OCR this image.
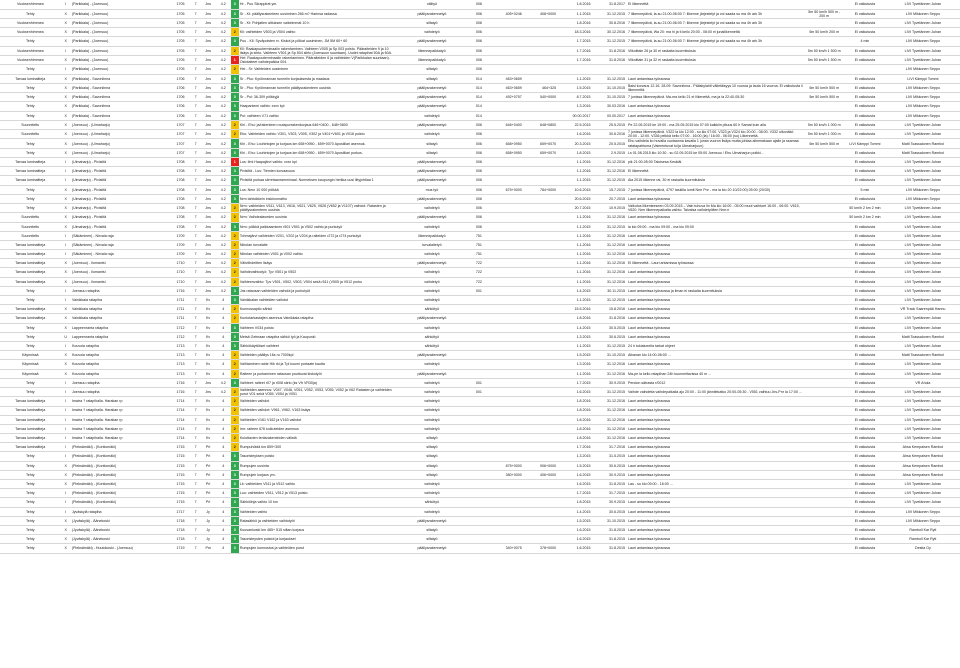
Vuoksenhimmea	I	(Parikkala) - (Joensuu)	1705	7	Jns	4.2	3	Hr - Puu Siirappirat ym.	välityö	006			1.8.2016	31.8.2017	Ei liikennettä		Ei vaikutusta	LIVI Tyvelännen Juhan
Tehty	X	(Parikkala) - (Joensuu)	1705	7	Jns	4.2	3	Sr - Kt: päällysrakenteen uusiminen 266 m? Harinsa radassa	päällysrakennetyö	006	405+0246	408+0000	1.1.2015	31.12.2015	7 liikennepäivä, la-su 21:00-06:00 7: liikenne järjestelyt ja voi saada su ma 4h ark 3h	5m 50 km/h 500 m - 200 m	Ei vaikutusta	LIVI Mikkonen Seppo
Vuoksenhimmea	X	(Parikkala) - (Joensuu)	1705	7	Jns	4.2	3	Sr - Kt: Pohjatien alituksen vaikeimmat 10 h	siltatyö	006			1.8.2016	30.8.2016	7 liikennepäivä, la-su 21:00-06:00 7: liikenne järjestelyt ja voi saada su ma 4h ark 3h		Ei vaikutusta	LIVI Tyvelännen Juhan
Vuoksenhimmea	X	(Parikkala) - (Joensuu)	1705	7	Jns	4.2	2	Kli: vaihteiden V503 ja V504 vaihto	vaihdetyö	006			18.3.2016	30.12.2016	7 liikennepäivä, Wa 20: ma hi ja ti kello 20:00 - 08:00 ei junaliikennettä	5m 50 km/h 200 m	Ei vaikutusta	LIVI Tyvelännen Juhan
Tehty	X	(Parikkala) - (Joensuu)	1705	7	Jns	4.2	3	Puu - Kli: Syväpoisten rv. Kiskot ja pölkat uusiminen, JM 5M 60+ 60	päällysrakennetyö	006			1.7.2015	31.12.2015	7 liikennepäivä, la-su 21:00-06:00 7: liikenne järjestelyt ja voi saada su ma 4h ark 3h		4 min	LIVI Mikkonen Seppo
Vuoksenhimmea	I	(Parikkala) - (Joensuu)	1705	7	Jns	4.2	2	Kli: Raakapuuterminaalin rakentaminen. Vaihteen V005 ja Sp 003 poisto. Pääraiteiden 9 ja 10 lisäys ja siirto. Vaihteen V501 ja Sp 504 siirto (Joensuun suuntaan). Uudet ratapihat 50A ja 60A.	liikennepaikkatyö	006			1.7.2016	31.8.2016	Viikoittain 26 ja 30 ei raskaita kuormituksia	5m 50 km/h 1 500 m	Ei vaikutusta	LIVI Tyvelännen Juhan
Vuoksenhimmea	X	(Parikkala) - (Joensuu)	1705	7	Jns	4.2	1	Hei: Raakapuuterminaalin rakentaminen. Pääraiteiden 6 ja vaihteiden V(Parikkalan suuntaan). Ostotaiteet vaihdepaikka 004.	liikennepaikkatyö	006			1.7.2016	31.8.2016	Viikoittain 31 ja 32 ei raskaita kuormituksia	5m 50 km/h 1 500 m	Ei vaikutusta	LIVI Tyvelännen Juhan
Tehty	I	(Parikkala) - (Joensuu)	1705	7	Jns	4.2	2	Hei - Sr: Vaihteiden uusiminen	siltatyö	006								LIVI Mikkonen Seppo
Tarvaa luminaitteja	X	(Parikkala) - Savonlinna	1706	7	Jns	4.2	3	Sr - Pku: Kyröinrannan tunnelin korjauksesta ja maalaus	siltatyö	014	463+0659		1.1.2015	31.12.2015	Lauri antamissa työraossa		Ei vaikutusta	LIVI Kämppi Tommi
Tehty	X	(Parikkala) - Savonlinna	1706	7	Jns	4.2	3	Sr - Pku: Kyröinrannan tunnelin päällysrakenteen uusinta	päällysrakennetyö	014	463+0659	464+325	1.5.2015	31.10.2015	Baisi korvaus 12.16. 28.09: Savonlinna - Pääskylahti välietäisyys 10 vuoroa ja lauta 16 vuoroa. Ei vaikutusta ii liikennettä.	5m 50 km/h 500 m	Ei vaikutusta	LIVI Mikkonen Seppo
Tehty	X	(Parikkala) - Savonlinna	1706	7	Jns	4.2	3	Sr - Pul: 36-309 pölkkyjä	päällysrakennetyö	014	492+0757	540+0000	8.7.2015	31.10.2015	7 junissa liikennepäivä. Ma-ma kello 21 ei liikenettä, ma ja la 22:40-05:30	5m 50 km/h 500 m	Ei vaikutusta	LIVI Mikkonen Seppo
Tehty	X	(Parikkala) - Savonlinna	1706	7	Jns	4.2	3	Haapaniemi vaihto: xxxx kpl	päällysrakennetyö	014			1.3.2016	30.03.2016	Lauri antamissa työraossa		Ei vaikutusta	LIVI Mikkonen Seppo
Tehty	X	(Parikkala) - Savonlinna	1706	7	Jns	4.2	3	Pul: vaihteen V71 vaihto	vaihdetyö	014			00.00.2017	00.00.2017	Lauri antamissa työraossa		Ei vaikutusta	LIVI Mikkonen Seppo
Suunniteltu	X	(Joensuu) - (Uimaharju)	1707	7	Jns	4.2	2	Khi - Ehu: ja/rakenteen routaporrakenkorjaus 646+0400 - 648+0800	päällysrakennetyö	006	646+0400	648+0800	22.5.2015	25.5.2015	Pe 22.05.2015 ke 19:00 - ma 25.05.2015 klo 07:00 kaikkiin pituus 60 h Samat kuin alla	5m 50 km/h 1 000 m	Ei vaikutusta	LIVI Tyvelännen Juhan
Suunniteltu	X	(Joensuu) - (Uimaharju)	1707	7	Jns	4.2	2	Ehu: Vaihteiden vaihto: V301, V303, V305, V302 ja V401+V601 ja V016 poisto	vaihdetyö	006			1.6.2016	30.6.2016	7 junissa liikennepäivä. V322 la klo 12:00 - su klo 07:00. V323 ja V324 klo 20:00 - 08:00. V332 ulkonäkö 20:00 - 12:00. V336 pelkkä kello 07:00 - 16:00 (la) / 16:00 - 06:00 (su) Liikennettä.	5m 50 km/h 1 000 m	Ei vaikutusta	LIVI Tyvelännen Juhan
Tehty	X	(Joensuu) - (Uimaharju)	1707	7	Jns	4.2	3	Khi - Ehu: Louhintojen ja korjaus km 658+0950 - 659+0070 Aposiiliari asennuk.	siltatyö	006	658+0950	659+0070	20.3.2015	20.5.2015	Ehu vaihdeia ko huvalla vuotaanna kavalla 1 junan vuoron lisäys mutta johtaa alimmakaan ajalle ja ssamaa ratatapahtuma (Vaimentuvat to/ja Uimaharjuun)	5m 50 km/h 500 m	LIVI Kämppi Tommi	Matti Toassalonen Rambol
Tehty	X	(Joensuu) - (Uimaharju)	1707	7	Jns	4.2	3	Khi - Ehu: Louhintojen ja korjaus km 658+0950 - 659+0070 Aposiiliari purkus.	siltatyö	006	658+0950	659+0070	1.8.2015	2.9.2015	Ls 01.08.2015 klo 10:30 - su 02.09.2015 ke 05:00 Joensuu / Ehu Uimaharjun poikki...		Ei vaikutusta	Matti Toassalonen Rambol
Tarvaa luminaitteja	I	(Uimaharju) - Pivisiitä	1708	7	Jns	4.2	1	Lus: Ilmi Haapajärvi vaihto: xxxx kpl	päällysrakennetyö	006			1.1.2016	31.12.2016	pik 21:00-05:00 Taloisesa Keskiäl		Ei vaikutusta	LIVI Tyvelännen Juhan
Tarvaa luminaitteja	I	(Uimaharju) - Pivisiitä	1708	7	Jns	4.2	3	Pivisiltä - Lus: Tiemien luovaavuus	päällysrakennetyö	006			1.1.2016	31.12.2016	Ei liikennettä		Ei vaikutusta	LIVI Tyvelännen Juhan
Tarvaa luminaitteja	I	(Uimaharju) - Pivisiitä	1708	7	Jns	4.2	3	Pivisiitä purkaa siirretaanramminaal. Nurmeksen kaupungin herkka uusi liityjohtiaa 1	päällysrakennetyö	006			1.1.2015	31.12.2015	Ala 2015 liikenne rai, 30 ei raskaita kuormituksia		Ei vaikutusta	LIVI Tyvelännen Juhan
Tehty	X	(Uimaharju) - Pivisiitä	1708	7	Jns	4.2	3	Lus: Nmn 10 000 pölkkä	mus työ	006	675+0000	784+0000	10.6.2015	15.7.2015	7 junissa liikennepäivä, 4797 taskilla lomit Nrm Pnr - ma la klo 20 10/22:00) 05:00 (20/30)		5 min	LIVI Mikkonen Seppo
Tehty	X	(Uimaharju) - Pivisiitä	1708	7	Jns	4.2	3	Nrm tahtoikkein inskinomatho	päällysrakennetyö	006			20.6.2015	20.7.2015	Lauri antamissa työraossa		Ei vaikutusta	LIVI Mikkonen Seppo
Tehty	X	(Uimaharju) - Pivisiitä	1708	7	Jns	4.2	2	Nrm: vaihteiden V611, V613, V616, V621, V625, V626 (V652 ja V1107) vaihdot. Ratasten ja päällysrakenteen uusinta	vaihdetyö	006			20.7.2015	10.9.2015	Vaikutus liikenteeseen 03.09.2015 – Vain tuhuva lin Ma klo 16:00 - 05:00 muut vaihtoet 16:00 - 06:00. V615, V620. Nrm liikennepaikalta vaihto: Taivalsa vaihdetyöiten Nrm:n		50 km/h 2 km 2 min	LIVI Tyvelännen Juhan
Suunniteltu	X	(Uimaharju) - Pivisiitä	1708	7	Jns	4.2	2	Nrm: Vaihdealaveden uusinta	päällysrakennetyö	006			1.1.2016	31.12.2016	Lauri antamissa työraossa		50 km/h 2 km 2 min	LIVI Tyvelännen Juhan
Suunniteltu	X	(Uimaharju) - Pivisiitä	1708	7	Jns	4.2	3	Nrm: pölkkä paikkaaminen r501 V501 ja V502 vaihto ja purkutyö	vaihdetyö	006			1.1.2015	31.12.2015	la klo 09:00 - ma klo 09:00 - ma klo 09:00		Ei vaikutusta	LIVI Tyvelännen Juhan
Suunniteltu	I	(Säkäminen) - Nirvala raja	1709	7	Jns	4.2	2	Tohmajärvi vaihteiden V201, V202 ja V204 ja raiteiden r272 ja r274 purkutyö	liikennepaikkatyö	751			1.1.2016	31.12.2016	Lauri antamissa työraossa		Ei vaikutusta	LIVI Tyvelännen Juhan
Tarvaa luminaitteja	I	(Säkäminen) - Nirvala raja	1709	7	Jns	4.2	2	Niirolan turvalaite	turvalaitetyö	751			1.1.2016	31.12.2016	Lauri antamissa työraossa		Ei vaikutusta	LIVI Tyvelännen Juhan
Tarvaa luminaitteja	I	(Säkäminen) - Nirvala raja	1709	7	Jns	4.2	2	Niirolan vaihteiden V001 ja V002 vaihto	vaihdetyö	751			1.1.2016	31.12.2016	Lauri antamissa työraossa		Ei vaikutusta	LIVI Tyvelännen Juhan
Tarvaa luminaitteja	X	(Joensuu) - Ilomantsi	1710	7	Jns	4.2	2	Väliviihdeitten lisäys	päällysrakennetyö	722			1.1.2016	31.12.2016	Ei liikennettä - Lauri antamissa työraossa		Ei vaikutusta	LIVI Tyvelännen Juhan
Tarvaa luminaitteja	X	(Joensuu) - Ilomantsi	1710	7	Jns	4.2	2	Vaihdevaihtodyö: Tyv V501 ja V502	vaihdetyö	722			1.1.2016	31.12.2016	Lauri antamissa työraossa		Ei vaikutusta	LIVI Tyvelännen Juhan
Tarvaa luminaitteja	X	(Joensuu) - Ilomantsi	1710	7	Jns	4.2	2	Vaihteenvaihto: Tpv V501, V502, V503, V504 sekä r511 (V505 ja V512 purku	vaihdetyö	722			1.1.2016	31.12.2016	Lauri antamissa työraossa		Ei vaikutusta	LIVI Tyvelännen Juhan
Tehty	I	Joensuu ratapiha	1716	7	Jns	4.2	3	Jns rataosan vaihteiden vaihdot ja purkutyöt	vaihdetyö	001			1.4.2015	30.11.2015	Lauri antamissa työraossa ja ilman ei raskaita kuormituksia		Ei vaikutusta	LIVI Tyvelännen Juhan
Tehty	I	Vainikkala ratapiha	1711	7	Kv	4	3	Vainikkalan vaihteiden vaihdot	vaihdetyö				1.1.2015	31.12.2015	Lauri antamissa työraossa		Ei vaikutusta	LIVI Tyvelännen Juhan
Tarvaa luminaitteja	X	Vainikkala ratapiha	1711	7	Kv	4	2	Kunnossapito sähkö	sähkötyö				15.5.2016	15.8.2016	Lauri antamissa työraossa		Ei vaikutusta	VR Track Saarenpää Hannu
Tarvaa luminaitteja	X	Vainikkala ratapiha	1711	7	Kv	4	2	Kuntotarkastajien asennus Vainikkala ratapiha	päällysrakennetyö				1.8.2016	31.8.2016	Lauri antamissa työraossa		Ei vaikutusta	LIVI Tyvelännen Juhan
Tehty	X	Lappeenranta ratapiha	1712	7	Kv	4	3	Vaihteen V034 poisto	vaihdetyö				1.4.2015	30.5.2015	Lauri antamissa työraossa		Ei vaikutusta	LIVI Tyvelännen Juhan
Tehty	U	Lappeenranta ratapiha	1712	7	Kv	4	3	Metsä Geimaan ratapiha sähkö työ ja Kaupunki	sähkötyö				1.3.2015	30.6.2015	Lauri antamissa työraossa		Ei vaikutusta	Matti Toassalonen Rambol
Tehty	I	Kouvola ratapiha	1713	7	Kv	4	3	Sähkökäyttöiset vaihteet	sähkötyö				1.1.2015	31.12.2015	24 h tukialueella tarkat ohjeet		Ei vaikutusta	LIVI Tyvelännen Juhan
Käynnissä	X	Kouvola ratapiha	1713	7	Kv	4	2	Vaihteiden päällys 16s ru 7000kpl	päällysrakennetyö				1.5.2015	31.10.2015	Aikanan klo 14:00-06:00 ...		Ei vaikutusta	Matti Toassalonen Rambol
Käynnissä	X	Kouvola ratapiha	1713	7	Kv	4	2	Vaihtaminen raide Hik rki ja Tpl koumi portaate kautta	vaihdetyö				1.3.2016	31.12.2016	Lauri antamissa työraossa		Ei vaikutusta	LIVI Tyvelännen Juhan
Käynnissä	X	Kouvola ratapiha	1713	7	Kv	4	2	Raiteen ja purkaminen rataosan puuttuvat kiskotyöt	päällysrakennetyö				1.1.2016	31.12.2016	Ma-pe la kello ratapihan 24h kuunneltavissa 40 m ...		Ei vaikutusta	LIVI Tyvelännen Juhan
Tehty	I	Joensuu ratapiha	1716	7	Jns	4.2	3	Vaihteet: raiteet r07 ja r008 siirto (ks Vfr VR30ja)	vaihdetyö	001			1.7.2015	30.9.2015	Pendon sätrasta r/0012		Ei vaikutusta	VR Ahola
Tehty	I	Joensuu ratapiha	1716	7	Jns	4.2	2	Vaihteiden asennus: V047, V046, V051, V052, V053, V055, V052 ja V62 Ratasten ja vaihteiden purut V01 sekä V055, V054 ja V051	vaihdetyö	001			1.6.2015	31.12.2015	Vaihde vaihdetta vaihdepaikalla ajo 20:00 - 11:00 jännitekatko 20:00-05:30 - V551 vaihtuu Jns-Pnr Ia 17:00 ...		Ei vaikutusta	LIVI Tyvelännen Juhan
Tarvaa luminaitteja	I	Imatra ? ratapihalla. Harakan rp	1714	7	Kv	4	2	Vaihteiden vaihdot	vaihdetyö				1.8.2016	31.12.2016	Lauri antamissa työraossa		Ei vaikutusta	LIVI Tyvelännen Juhan
Tarvaa luminaitteja	I	Imatra ? ratapihalla. Harakan rp	1714	7	Kv	4	2	Vaihteiden vaihdot: V961, V962, V163 lisäys	vaihdetyö				1.8.2016	31.12.2016	Lauri antamissa työraossa		Ei vaikutusta	LIVI Tyvelännen Juhan
Tarvaa luminaitteja	I	Imatra ? ratapihalla. Harakan rp	1714	7	Kv	4	2	Vaihteiden V161 V162 ja V163 vaihdot	vaihdetyö				1.8.2016	31.12.2016	Lauri antamissa työraossa		Ei vaikutusta	LIVI Tyvelännen Juhan
Tarvaa luminaitteja	I	Imatra ? ratapihalla. Harakan rp	1714	7	Kv	4	2	Imr: raiteen 676 kulkuteiden asennus	vaihdetyö				1.8.2016	31.12.2016	Lauri antamissa työraossa		Ei vaikutusta	LIVI Tyvelännen Juhan
Tarvaa luminaitteja	I	Imatra ? ratapihalla. Harakan rp	1714	7	Kv	4	2	Kuluttavien teräsrakenteiden välistä	siltatyö				1.8.2016	31.12.2016	Lauri antamissa työraossa		Ei vaikutusta	LIVI Tyvelännen Juhan
Tarvaa luminaitteja	I	(Pieksämäki) - (Kontiomäki)	1715	7	Prl	4	2	Rumpuhöidä km 859+300	siltatyö				1.7.2016	31.7.2016	Lauri antamissa työraossa		Ei vaikutusta	Ahsa Kempaisen Rambol
Tehty	I	(Pieksämäki) - (Kontiomäki)	1715	7	Prl	4	3	Tasoristeyksen poisto	siltatyö				1.3.2015	31.5.2015	Lauri antamissa työraossa		Ei vaikutusta	Ahsa Kempaisen Rambol
Tehty	X	(Pieksämäki) - (Kontiomäki)	1715	7	Prl	4	3	Rumpujen uusinta	siltatyö		875+0000	906+0000	1.5.2015	30.6.2015	Lauri antamissa työraossa		Ei vaikutusta	Ahsa Kempaisen Rambol
Tehty	X	(Pieksämäki) - (Kontiomäki)	1715	7	Prl	4	3	Rumpujen korjaus ym.	siltatyö		380+0000	406+0000	1.6.2015	30.9.2015	Lauri antamissa työraossa		Ei vaikutusta	Ahsa Kempaisen Rambol
Tehty	X	(Pieksämäki) - (Kontiomäki)	1715	7	Prl	4	3	Lk: vaihteiden V511 ja V512 vaihto	vaihdetyö				1.6.2015	31.8.2015	Lau - su klo 09:00 - 16:00 ...		Ei vaikutusta	LIVI Tyvelännen Juhan
Tehty	I	(Pieksämäki) - (Kontiomäki)	1715	7	Prl	4	3	Luu: vaihteiden V511, V512 ja V513 poisto	vaihdetyö				1.7.2015	31.7.2015	Lauri antamissa työraossa		Ei vaikutusta	LIVI Tyvelännen Juhan
Tehty	I	(Pieksämäki) - (Kontiomäki)	1715	7	Prl	4	3	Sähkölinja vaihto 10 km	sähkötyö				1.8.2015	30.9.2015	Lauri antamissa työraossa		Ei vaikutusta	LIVI Tyvelännen Juhan
Tehty	I	Jyväskylä ratapiha	1717	7	Jy	4	3	Vaihteiden vaihto	vaihdetyö				1.4.2015	30.6.2015	Lauri antamissa työraossa		Ei vaikutusta	LIVI Mikkonen Seppo
Tehty	X	(Jyväskylä) - Äänekoski	1718	7	Jy	4	3	Ratasähkö ja vaihteiden vaihtotyöt	päällysrakennetyö				1.5.2015	31.10.2015	Lauri antamissa työraossa		Ei vaikutusta	LIVI Mikkonen Seppo
Tehty	X	(Jyväskylä) - Äänekoski	1718	7	Jy	4	3	Kuusankoski km 485+ 515 siltan korjaus	siltatyö				1.6.2015	31.8.2015	Lauri antamissa työraossa		Ei vaikutusta	Ramboll Kar Ryti
Tehty	X	(Jyväskylä) - Äänekoski	1718	7	Jy	4	3	Tasoristeysten poistot ja korjaukset	siltatyö				1.6.2015	31.8.2015	Lauri antamissa työraossa		Ei vaikutusta	Ramboll Kar Ryti
Tehty	X	(Pieksämäki) - Huutokoski - (Joensuu)	1719	7	Pm	4	3	Rumpujen kunnostus ja vaihteiden purut	päällysrakennetyö		340+0075	378+0000	1.6.2015	31.8.2015	Lauri antamissa työraossa		Ei vaikutusta	Destia Oy
